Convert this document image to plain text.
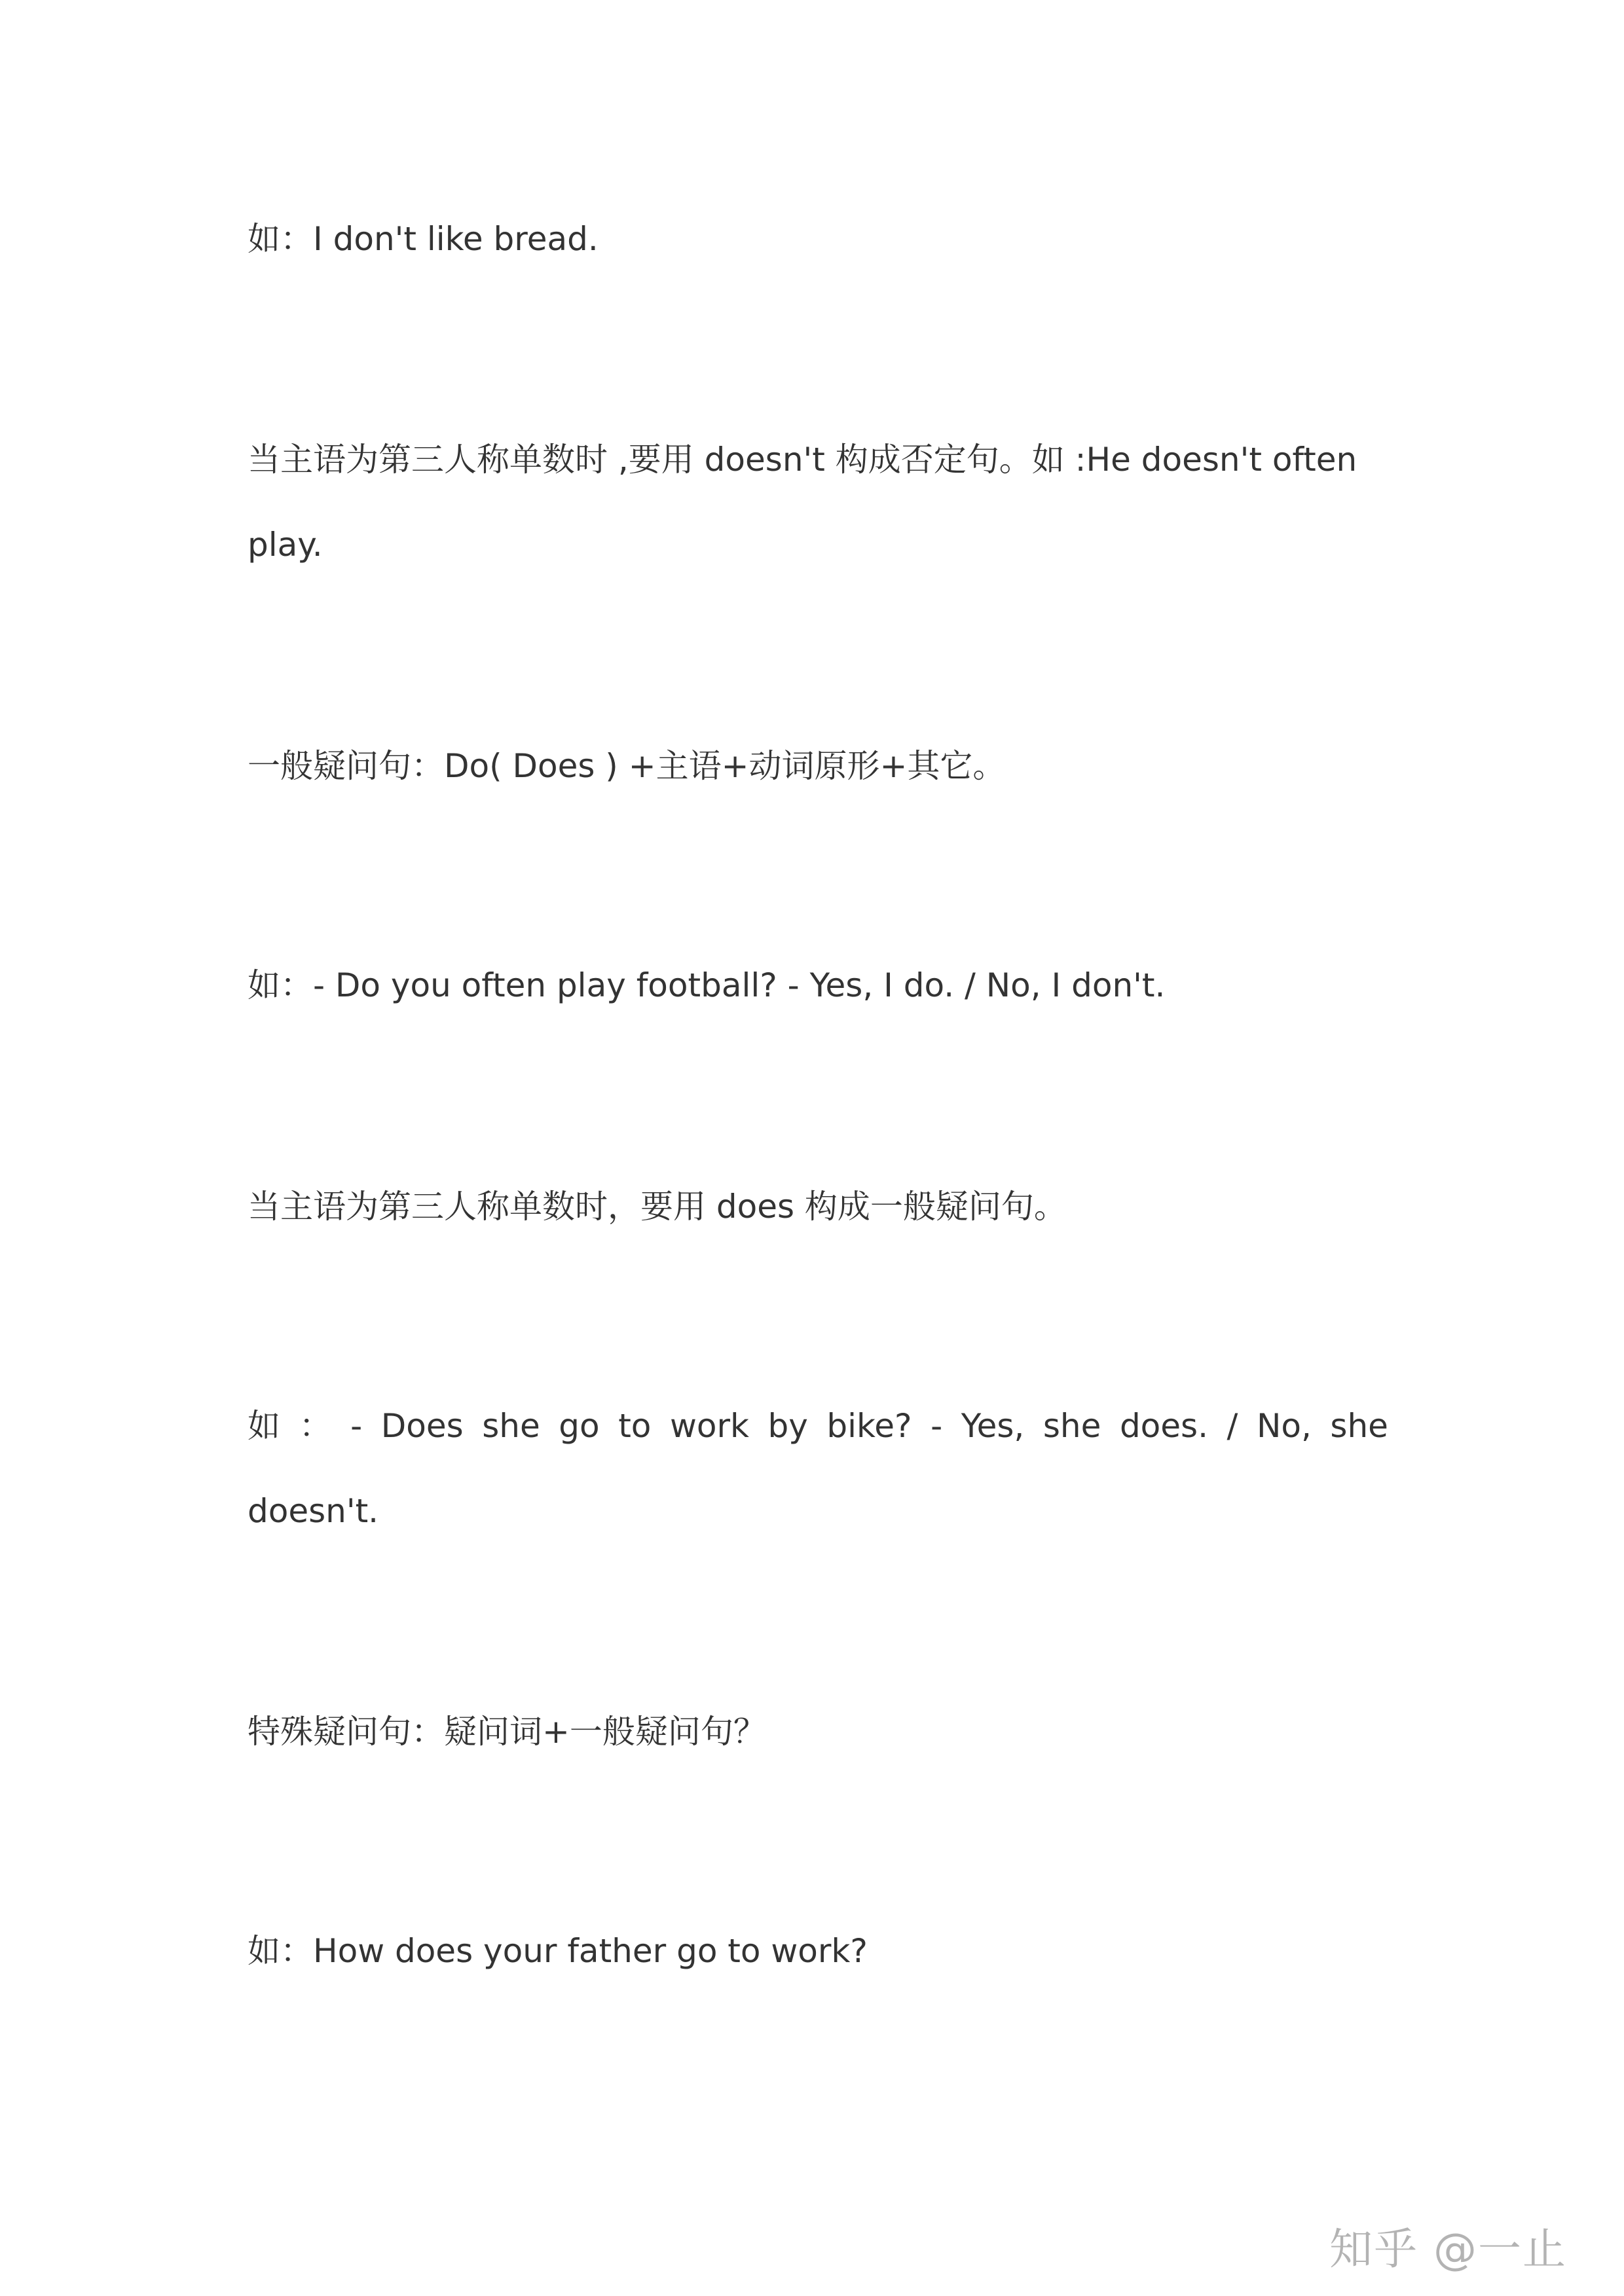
如：I don't like bread.
当主语为第三人称单数时 ,要用 doesn't 构成否定句。如 :He doesn't often
play.
一般疑问句：Do( Does ) +主语+动词原形+其它。
如：- Do you often play football? - Yes, I do. / No, I don't.
当主语为第三人称单数时，要用 does 构成一般疑问句。
如 ： - Does she go to work by bike? - Yes, she does. / No, she
doesn't.
特殊疑问句：疑问词+一般疑问句？
如：How does your father go to work?
知乎 @一止
